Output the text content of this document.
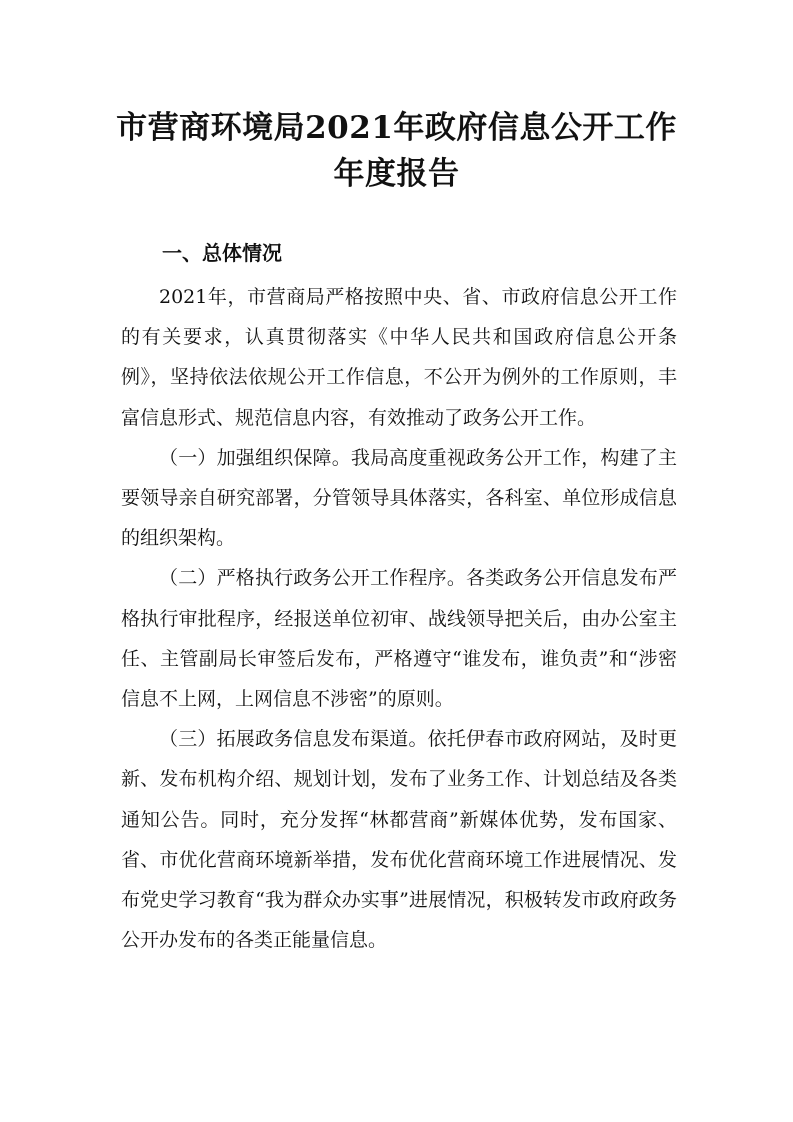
市营商环境局2021年政府信息公开工作
年度报告
一、总体情况

2021年，市营商局严格按照中央、省、市政府信息公开工作的有关要求，认真贯彻落实《中华人民共和国政府信息公开条例》，坚持依法依规公开工作信息，不公开为例外的工作原则，丰富信息形式、规范信息内容，有效推动了政务公开工作。

（一）加强组织保障。我局高度重视政务公开工作，构建了主要领导亲自研究部署，分管领导具体落实，各科室、单位形成信息的组织架构。

（二）严格执行政务公开工作程序。各类政务公开信息发布严格执行审批程序，经报送单位初审、战线领导把关后，由办公室主任、主管副局长审签后发布，严格遵守“谁发布，谁负责”和“涉密信息不上网，上网信息不涉密”的原则。

（三）拓展政务信息发布渠道。依托伊春市政府网站，及时更新、发布机构介绍、规划计划，发布了业务工作、计划总结及各类通知公告。同时，充分发挥“林都营商”新媒体优势，发布国家、省、市优化营商环境新举措，发布优化营商环境工作进展情况、发布党史学习教育“我为群众办实事”进展情况，积极转发市政府政务公开办发布的各类正能量信息。
